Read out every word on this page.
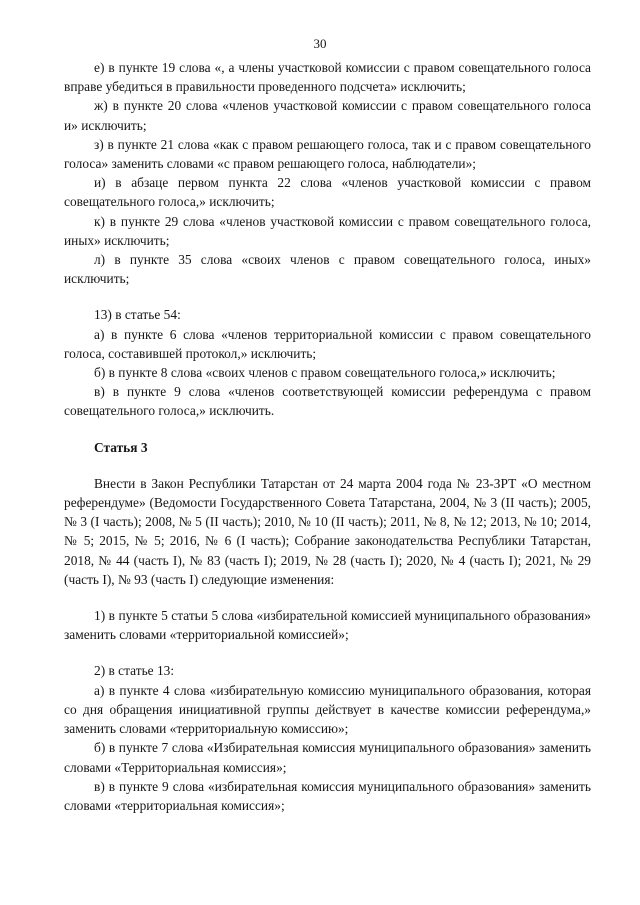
30

е) в пункте 19 слова «, а члены участковой комиссии с правом совещательного голоса вправе убедиться в правильности проведенного подсчета» исключить;

ж) в пункте 20 слова «членов участковой комиссии с правом совещательного голоса и» исключить;

з) в пункте 21 слова «как с правом решающего голоса, так и с правом совещательного голоса» заменить словами «с правом решающего голоса, наблюдатели»;

и) в абзаце первом пункта 22 слова «членов участковой комиссии с правом совещательного голоса,» исключить;

к) в пункте 29 слова «членов участковой комиссии с правом совещательного голоса, иных» исключить;

л) в пункте 35 слова «своих членов с правом совещательного голоса, иных» исключить;

13) в статье 54:

а) в пункте 6 слова «членов территориальной комиссии с правом совещательного голоса, составившей протокол,» исключить;

б) в пункте 8 слова «своих членов с правом совещательного голоса,» исключить;

в) в пункте 9 слова «членов соответствующей комиссии референдума с правом совещательного голоса,» исключить.

Статья 3

Внести в Закон Республики Татарстан от 24 марта 2004 года № 23-ЗРТ «О местном референдуме» (Ведомости Государственного Совета Татарстана, 2004, № 3 (II часть); 2005, № 3 (I часть); 2008, № 5 (II часть); 2010, № 10 (II часть); 2011, № 8, № 12; 2013, № 10; 2014, № 5; 2015, № 5; 2016, № 6 (I часть); Собрание законодательства Республики Татарстан, 2018, № 44 (часть I), № 83 (часть I); 2019, № 28 (часть I); 2020, № 4 (часть I); 2021, № 29 (часть I), № 93 (часть I) следующие изменения:

1) в пункте 5 статьи 5 слова «избирательной комиссией муниципального образования» заменить словами «территориальной комиссией»;

2) в статье 13:

а) в пункте 4 слова «избирательную комиссию муниципального образования, которая со дня обращения инициативной группы действует в качестве комиссии референдума,» заменить словами «территориальную комиссию»;

б) в пункте 7 слова «Избирательная комиссия муниципального образования» заменить словами «Территориальная комиссия»;

в) в пункте 9 слова «избирательная комиссия муниципального образования» заменить словами «территориальная комиссия»;
